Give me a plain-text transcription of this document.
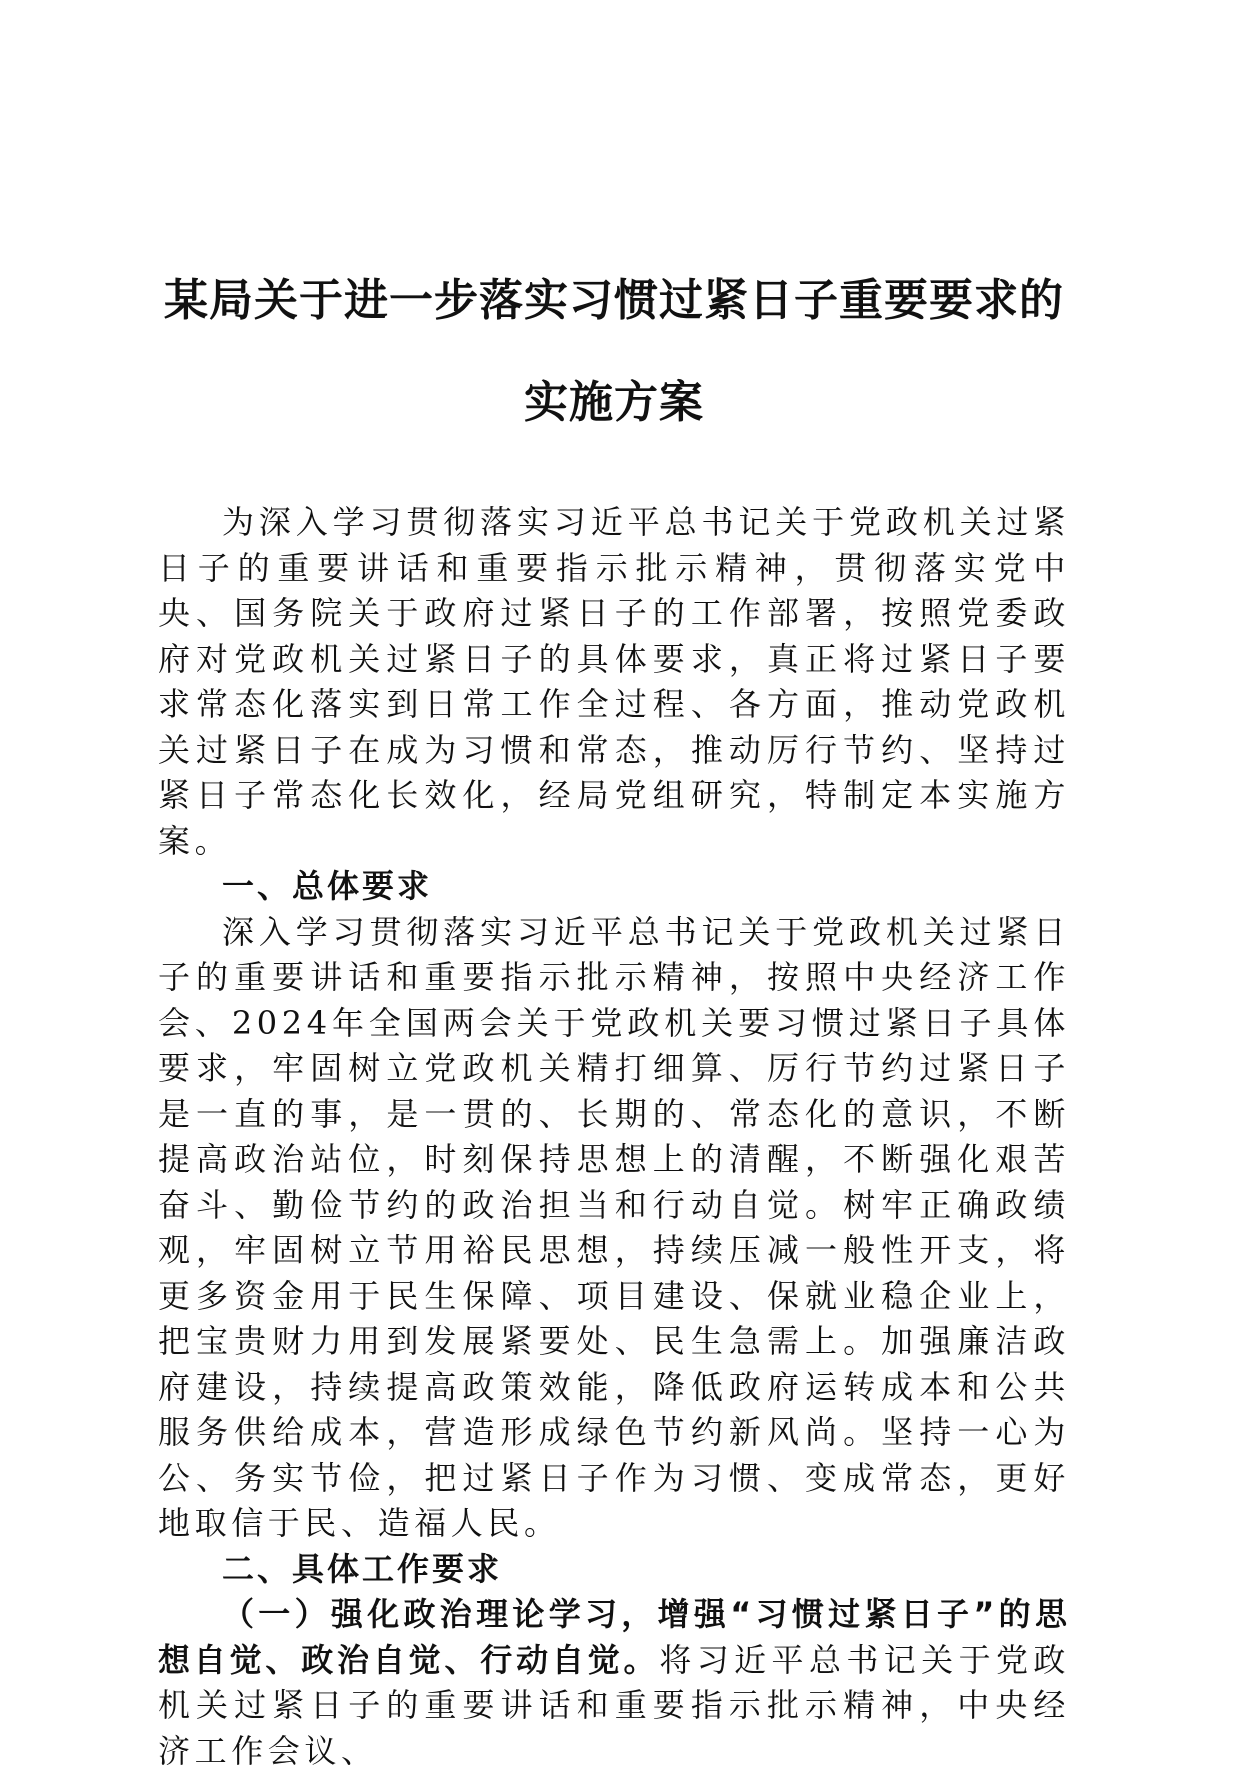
某局关于进一步落实习惯过紧日子重要要求的
实施方案

为深入学习贯彻落实习近平总书记关于党政机关过紧日子的重要讲话和重要指示批示精神，贯彻落实党中央、国务院关于政府过紧日子的工作部署，按照党委政府对党政机关过紧日子的具体要求，真正将过紧日子要求常态化落实到日常工作全过程、各方面，推动党政机关过紧日子在成为习惯和常态，推动厉行节约、坚持过紧日子常态化长效化，经局党组研究，特制定本实施方案。

一、总体要求

深入学习贯彻落实习近平总书记关于党政机关过紧日子的重要讲话和重要指示批示精神，按照中央经济工作会、2024年全国两会关于党政机关要习惯过紧日子具体要求，牢固树立党政机关精打细算、厉行节约过紧日子是一直的事，是一贯的、长期的、常态化的意识，不断提高政治站位，时刻保持思想上的清醒，不断强化艰苦奋斗、勤俭节约的政治担当和行动自觉。树牢正确政绩观，牢固树立节用裕民思想，持续压减一般性开支，将更多资金用于民生保障、项目建设、保就业稳企业上，把宝贵财力用到发展紧要处、民生急需上。加强廉洁政府建设，持续提高政策效能，降低政府运转成本和公共服务供给成本，营造形成绿色节约新风尚。坚持一心为公、务实节俭，把过紧日子作为习惯、变成常态，更好地取信于民、造福人民。

二、具体工作要求

（一）强化政治理论学习，增强“习惯过紧日子”的思想自觉、政治自觉、行动自觉。将习近平总书记关于党政机关过紧日子的重要讲话和重要指示批示精神，中央经济工作会议、
